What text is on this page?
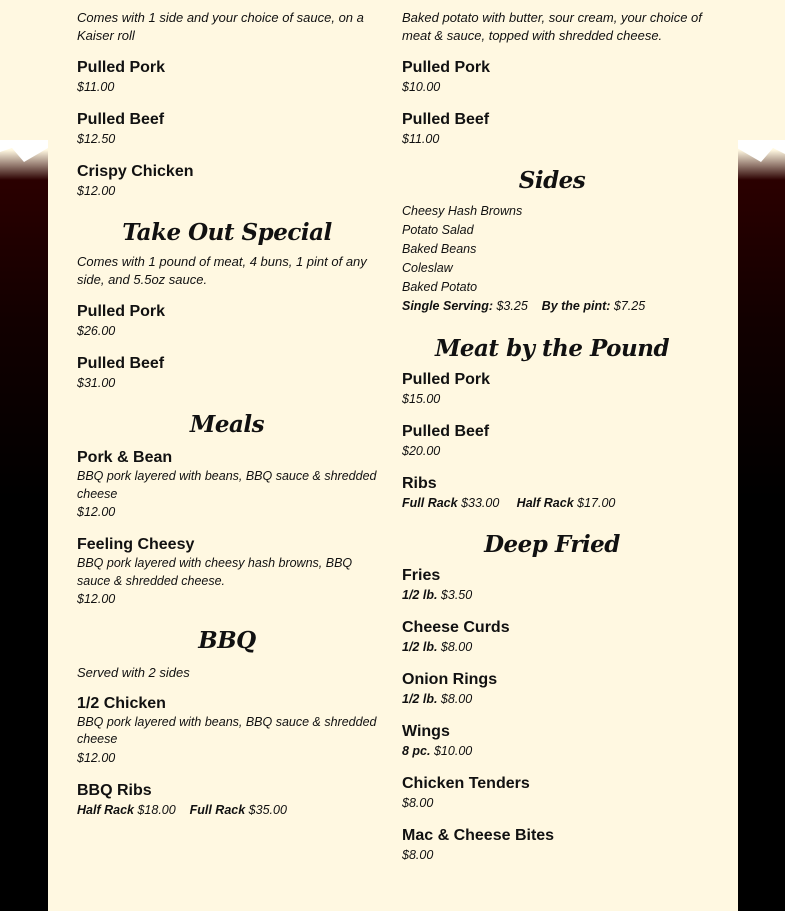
Comes with 1 side and your choice of sauce, on a Kaiser roll

Pulled Pork
$11.00
Pulled Beef
$12.50
Crispy Chicken
$12.00
Take Out Special

Comes with 1 pound of meat, 4 buns, 1 pint of any side, and 5.5oz sauce.

Pulled Pork
$26.00
Pulled Beef
$31.00
Meals
Pork & Bean
BBQ pork layered with beans, BBQ sauce & shredded cheese
$12.00
Feeling Cheesy
BBQ pork layered with cheesy hash browns, BBQ sauce & shredded cheese.
$12.00
BBQ

Served with 2 sides

1/2 Chicken
BBQ pork layered with beans, BBQ sauce & shredded cheese
$12.00
BBQ Ribs
Half Rack $18.00 Full Rack $35.00

Baked potato with butter, sour cream, your choice of meat & sauce, topped with shredded cheese.

Pulled Pork
$10.00
Pulled Beef
$11.00
Sides
Cheesy Hash Browns
Potato Salad
Baked Beans
Coleslaw
Baked Potato
Single Serving: $3.25 By the pint: $7.25
Meat by the Pound
Pulled Pork
$15.00
Pulled Beef
$20.00
Ribs
Full Rack $33.00 Half Rack $17.00
Deep Fried
Fries
1/2 lb. $3.50
Cheese Curds
1/2 lb. $8.00
Onion Rings
1/2 lb. $8.00
Wings
8 pc. $10.00
Chicken Tenders
$8.00
Mac & Cheese Bites
$8.00
